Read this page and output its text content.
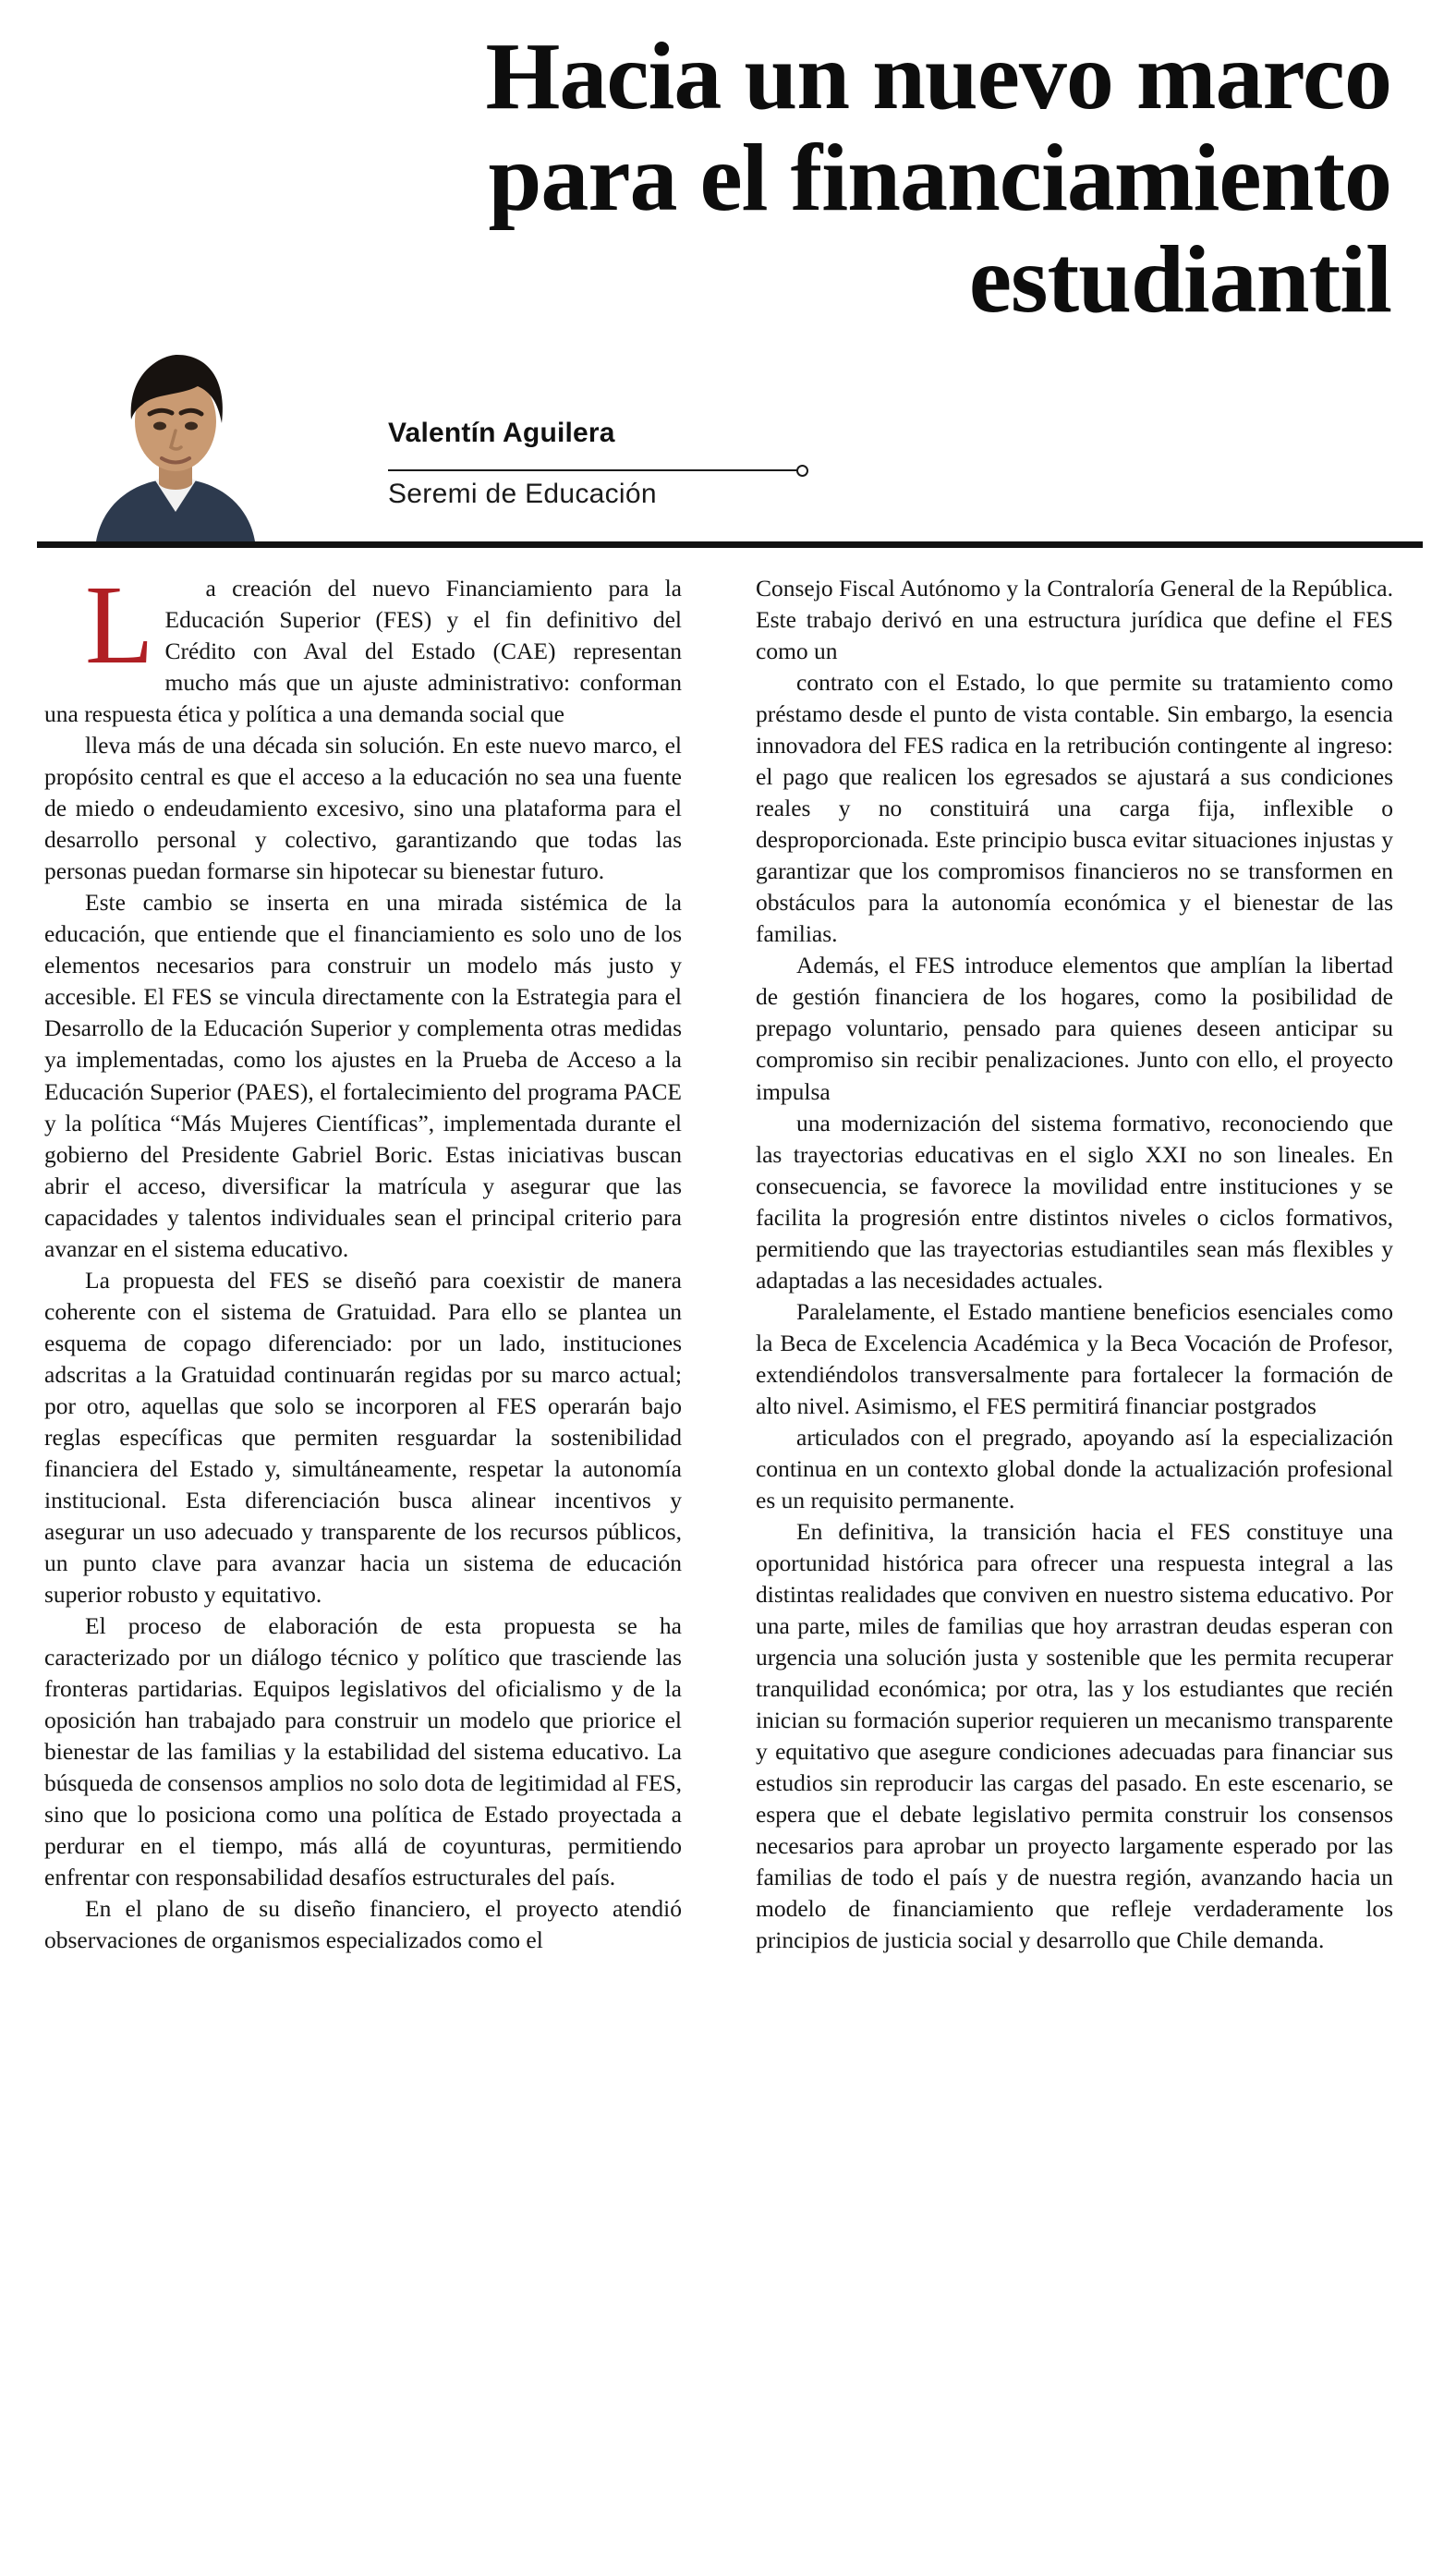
Hacia un nuevo marco
para el financiamiento
estudiantil
Valentín Aguilera
Seremi de Educación

L	a creación del nuevo Financiamiento para la Educación Superior (FES) y el fin definitivo del Crédito con Aval del Estado (CAE) representan mucho más que un ajuste administrativo: conforman una respuesta ética y política a una demanda social que

lleva más de una década sin solución. En este nuevo marco, el propósito central es que el acceso a la educación no sea una fuente de miedo o endeudamiento excesivo, sino una plataforma para el desarrollo personal y colectivo, garantizando que todas las personas puedan formarse sin hipotecar su bienestar futuro.

Este cambio se inserta en una mirada sistémica de la educación, que entiende que el financiamiento es solo uno de los elementos necesarios para construir un modelo más justo y accesible. El FES se vincula directamente con la Estrategia para el Desarrollo de la Educación Superior y complementa otras medidas ya implementadas, como los ajustes en la Prueba de Acceso a la Educación Superior (PAES), el fortalecimiento del programa PACE y la política “Más Mujeres Científicas”, implementada durante el gobierno del Presidente Gabriel Boric. Estas iniciativas buscan abrir el acceso, diversificar la matrícula y asegurar que las capacidades y talentos individuales sean el principal criterio para avanzar en el sistema educativo.

La propuesta del FES se diseñó para coexistir de manera coherente con el sistema de Gratuidad. Para ello se plantea un esquema de copago diferenciado: por un lado, instituciones adscritas a la Gratuidad continuarán regidas por su marco actual; por otro, aquellas que solo se incorporen al FES operarán bajo reglas específicas que permiten resguardar la sostenibilidad financiera del Estado y, simultáneamente, respetar la autonomía institucional. Esta diferenciación busca alinear incentivos y asegurar un uso adecuado y transparente de los recursos públicos, un punto clave para avanzar hacia un sistema de educación superior robusto y equitativo.

El proceso de elaboración de esta propuesta se ha caracterizado por un diálogo técnico y político que trasciende las fronteras partidarias. Equipos legislativos del oficialismo y de la oposición han trabajado para construir un modelo que priorice el bienestar de las familias y la estabilidad del sistema educativo. La búsqueda de consensos amplios no solo dota de legitimidad al FES, sino que lo posiciona como una política de Estado proyectada a perdurar en el tiempo, más allá de coyunturas, permitiendo enfrentar con responsabilidad desafíos estructurales del país.

En el plano de su diseño financiero, el proyecto atendió observaciones de organismos especializados como el

Consejo Fiscal Autónomo y la Contraloría General de la República. Este trabajo derivó en una estructura jurídica que define el FES como un

contrato con el Estado, lo que permite su tratamiento como préstamo desde el punto de vista contable. Sin embargo, la esencia innovadora del FES radica en la retribución contingente al ingreso: el pago que realicen los egresados se ajustará a sus condiciones reales y no constituirá una carga fija, inflexible o desproporcionada. Este principio busca evitar situaciones injustas y garantizar que los compromisos financieros no se transformen en obstáculos para la autonomía económica y el bienestar de las familias.

Además, el FES introduce elementos que amplían la libertad de gestión financiera de los hogares, como la posibilidad de prepago voluntario, pensado para quienes deseen anticipar su compromiso sin recibir penalizaciones. Junto con ello, el proyecto impulsa

una modernización del sistema formativo, reconociendo que las trayectorias educativas en el siglo XXI no son lineales. En consecuencia, se favorece la movilidad entre instituciones y se facilita la progresión entre distintos niveles o ciclos formativos, permitiendo que las trayectorias estudiantiles sean más flexibles y adaptadas a las necesidades actuales.

Paralelamente, el Estado mantiene beneficios esenciales como la Beca de Excelencia Académica y la Beca Vocación de Profesor, extendiéndolos transversalmente para fortalecer la formación de alto nivel. Asimismo, el FES permitirá financiar postgrados

articulados con el pregrado, apoyando así la especialización continua en un contexto global donde la actualización profesional es un requisito permanente.

En definitiva, la transición hacia el FES constituye una oportunidad histórica para ofrecer una respuesta integral a las distintas realidades que conviven en nuestro sistema educativo. Por una parte, miles de familias que hoy arrastran deudas esperan con urgencia una solución justa y sostenible que les permita recuperar tranquilidad económica; por otra, las y los estudiantes que recién inician su formación superior requieren un mecanismo transparente y equitativo que asegure condiciones adecuadas para financiar sus estudios sin reproducir las cargas del pasado. En este escenario, se espera que el debate legislativo permita construir los consensos necesarios para aprobar un proyecto largamente esperado por las familias de todo el país y de nuestra región, avanzando hacia un modelo de financiamiento que refleje verdaderamente los principios de justicia social y desarrollo que Chile demanda.
